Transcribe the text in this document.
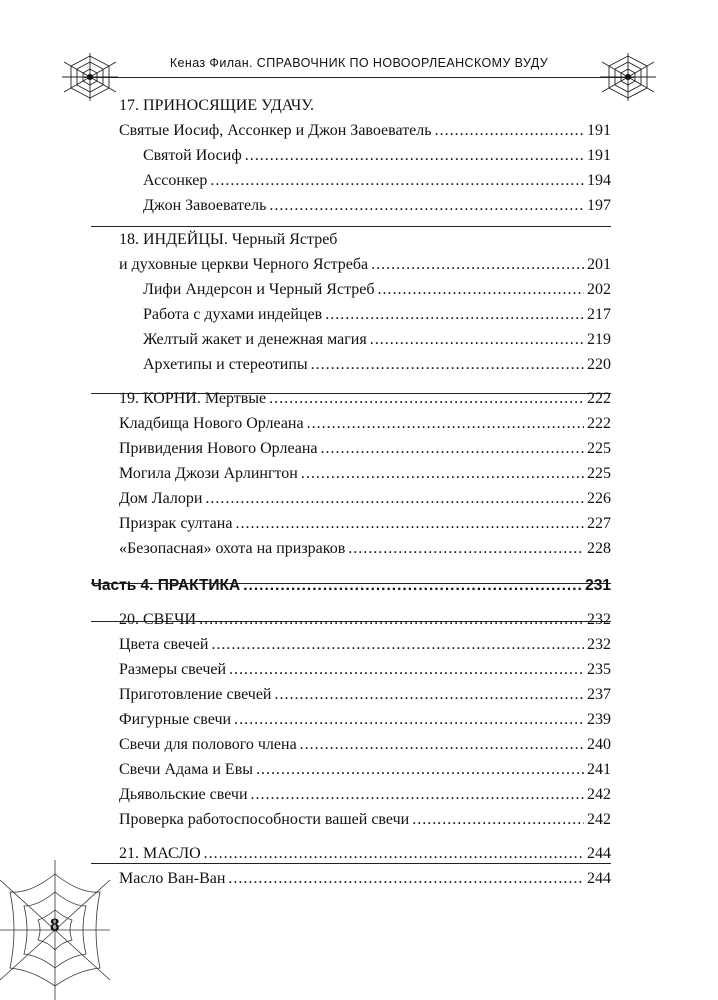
Кеназ Филан. СПРАВОЧНИК ПО НОВООРЛЕАНСКОМУ ВУДУ
8
17. ПРИНОСЯЩИЕ УДАЧУ.
Святые Иосиф, Ассонкер и Джон Завоеватель .....	191
Святой Иосиф .....	191
Ассонкер .....	194
Джон Завоеватель .....	197
18. ИНДЕЙЦЫ. Черный Ястреб
и духовные церкви Черного Ястреба .....	201
Лифи Андерсон и Черный Ястреб .....	202
Работа с духами индейцев .....	217
Желтый жакет и денежная магия .....	219
Архетипы и стереотипы .....	220
19. КОРНИ. Мертвые .....	222
Кладбища Нового Орлеана .....	222
Привидения Нового Орлеана .....	225
Могила Джози Арлингтон .....	225
Дом Лалори .....	226
Призрак султана .....	227
«Безопасная» охота на призраков .....	228
Часть 4. ПРАКТИКА .....	231
20. СВЕЧИ .....	232
Цвета свечей .....	232
Размеры свечей .....	235
Приготовление свечей .....	237
Фигурные свечи .....	239
Свечи для полового члена .....	240
Свечи Адама и Евы .....	241
Дьявольские свечи .....	242
Проверка работоспособности вашей свечи .....	242
21. МАСЛО .....	244
Масло Ван-Ван .....	244
